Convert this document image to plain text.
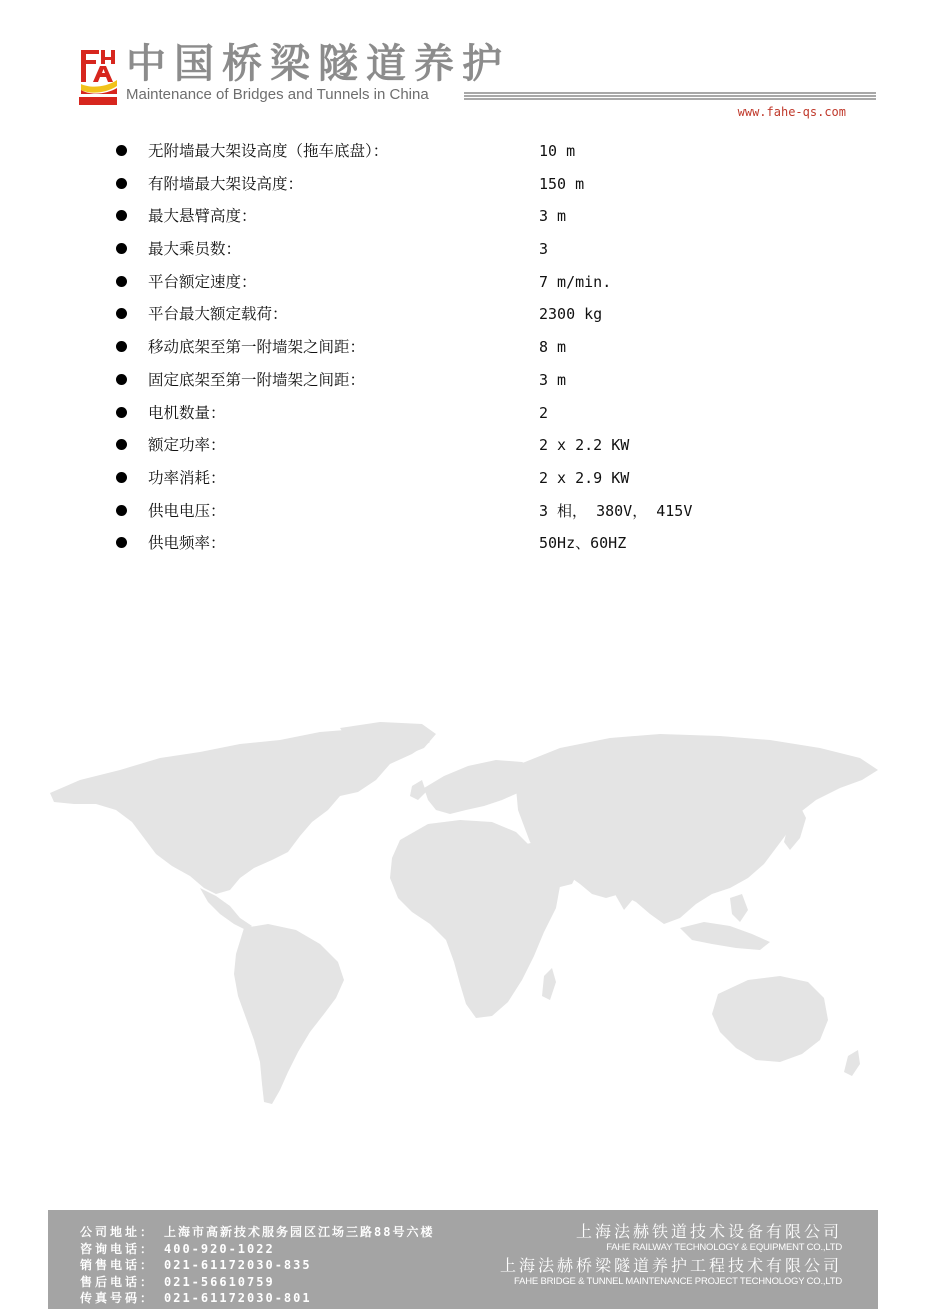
中国桥梁隧道养护
Maintenance of Bridges and Tunnels in China
www.fahe-qs.com
无附墙最大架设高度（拖车底盘）：	10 m
有附墙最大架设高度：	150 m
最大悬臂高度：	3 m
最大乘员数：	3
平台额定速度：	7 m/min.
平台最大额定载荷：	2300 kg
移动底架至第一附墙架之间距：	8 m
固定底架至第一附墙架之间距：	3 m
电机数量：	2
额定功率：	2 x 2.2 KW
功率消耗：	2 x 2.9 KW
供电电压：	3 相， 380V， 415V
供电频率：	50Hz、60HZ
公司地址： 上海市高新技术服务园区江场三路88号六楼
咨询电话： 400-920-1022
销售电话： 021-61172030-835
售后电话： 021-56610759
传真号码： 021-61172030-801
上海法赫铁道技术设备有限公司
FAHE RAILWAY TECHNOLOGY & EQUIPMENT CO.,LTD
上海法赫桥梁隧道养护工程技术有限公司
FAHE BRIDGE & TUNNEL MAINTENANCE PROJECT TECHNOLOGY CO.,LTD
